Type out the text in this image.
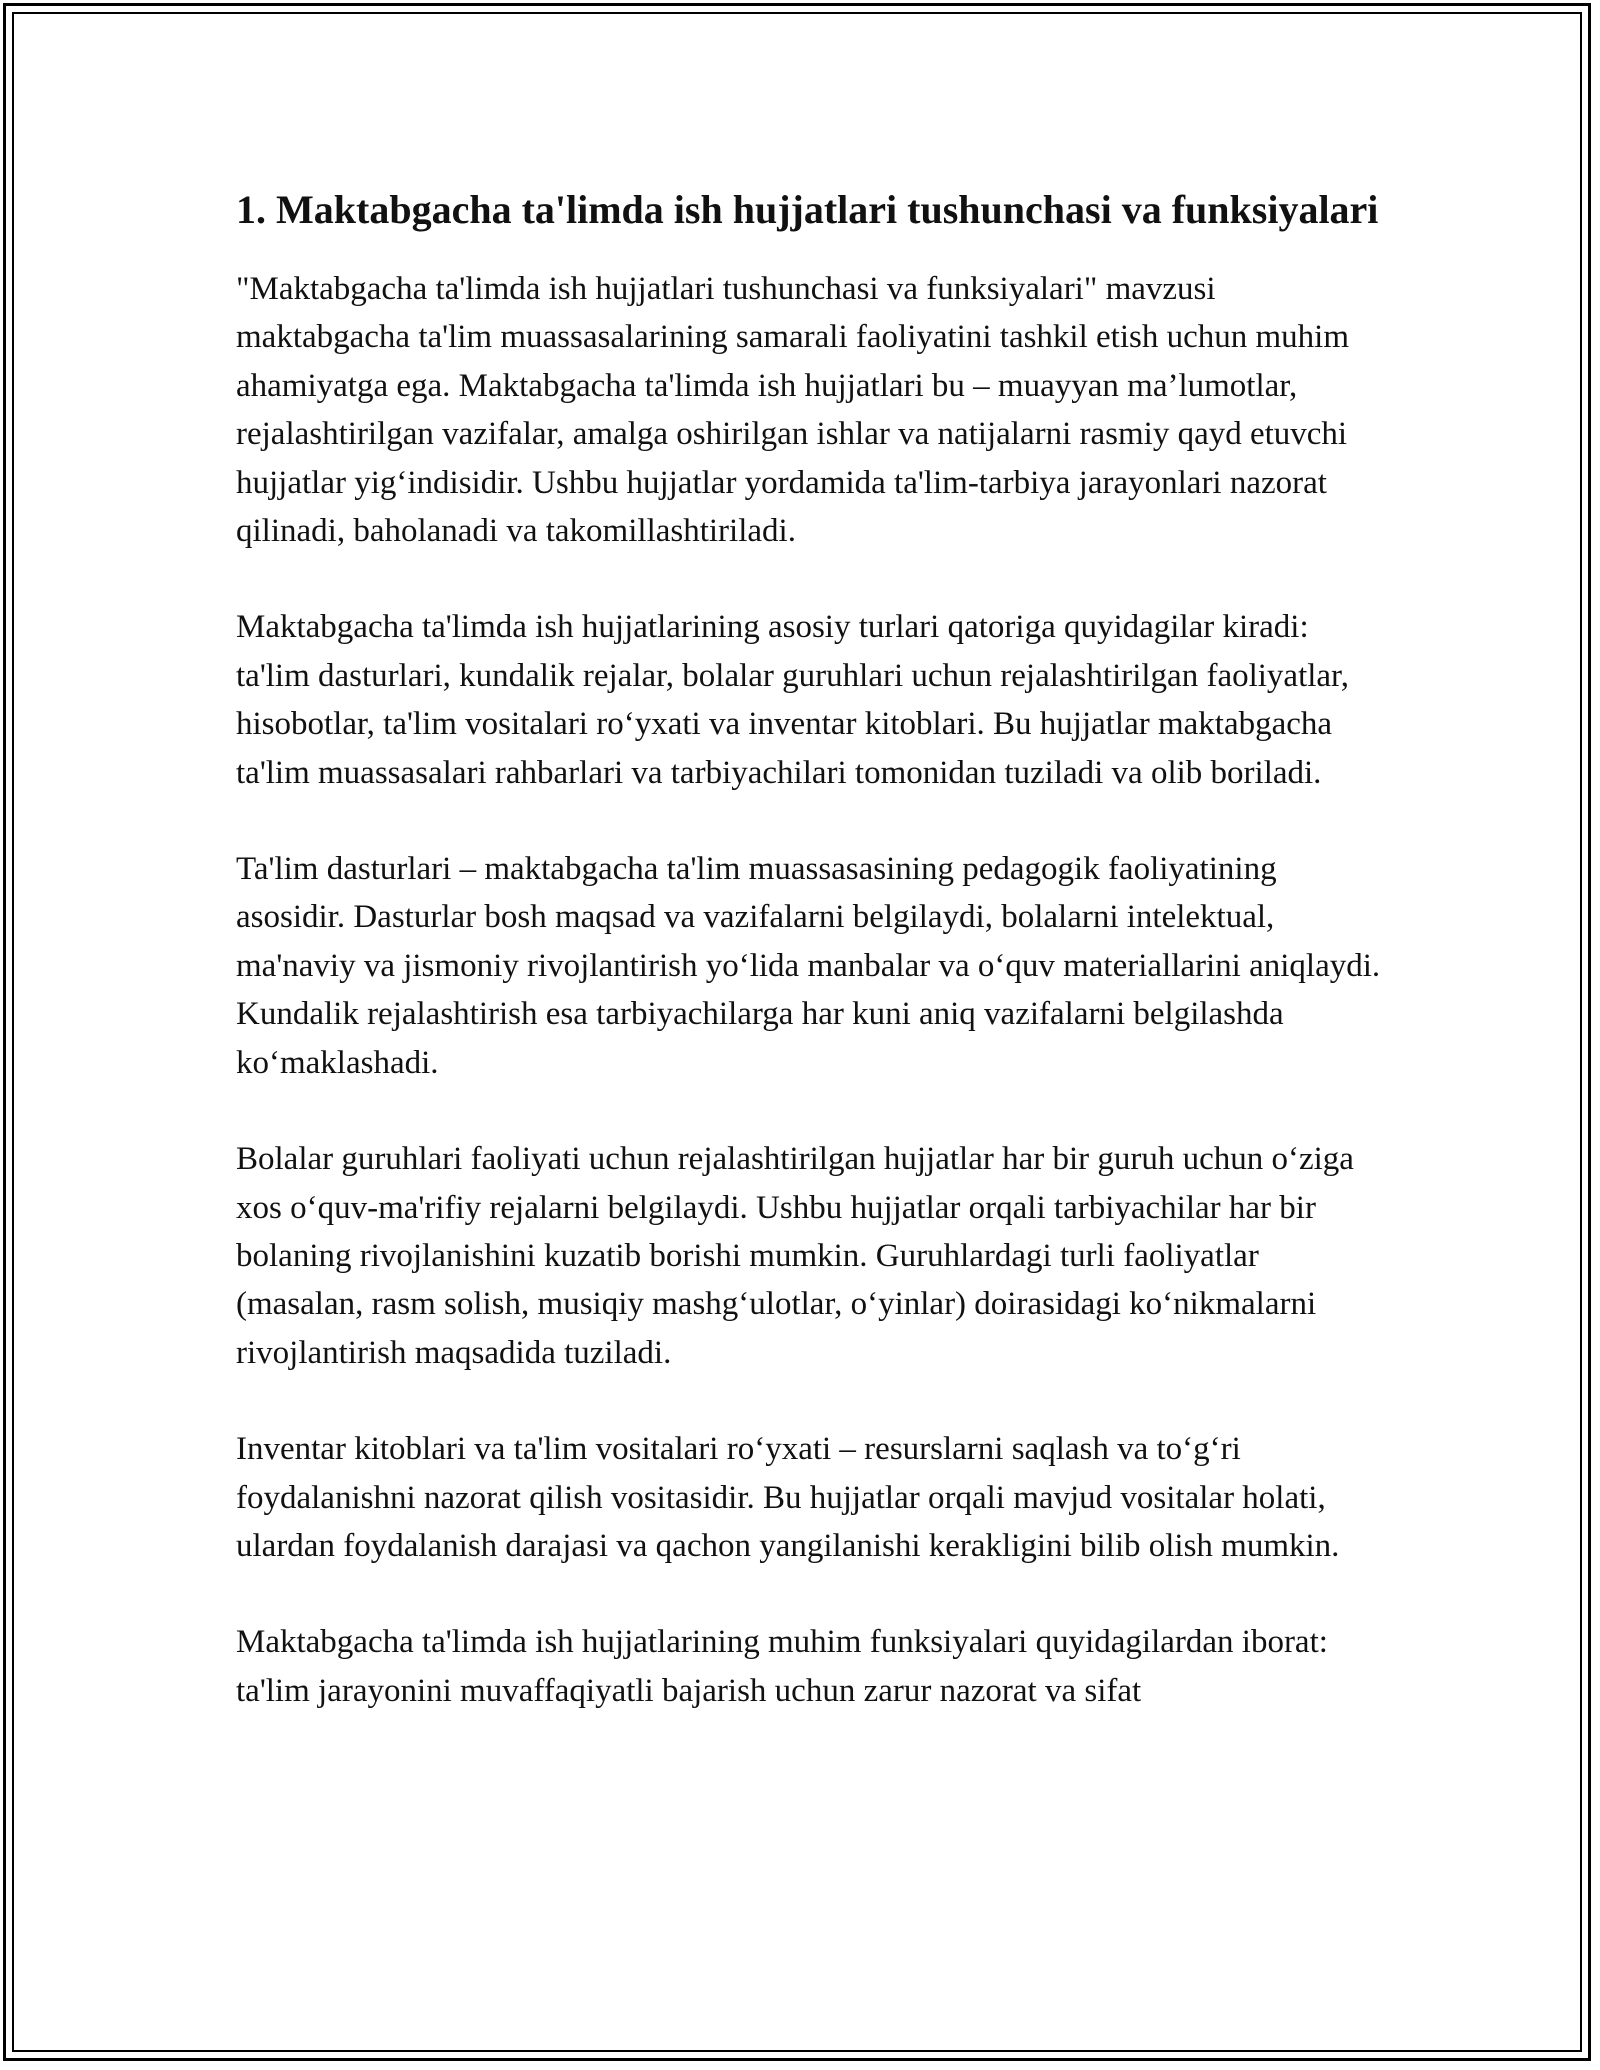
1. Maktabgacha ta'limda ish hujjatlari tushunchasi va funksiyalari

"Maktabgacha ta'limda ish hujjatlari tushunchasi va funksiyalari" mavzusi maktabgacha ta'lim muassasalarining samarali faoliyatini tashkil etish uchun muhim ahamiyatga ega. Maktabgacha ta'limda ish hujjatlari bu – muayyan ma’lumotlar, rejalashtirilgan vazifalar, amalga oshirilgan ishlar va natijalarni rasmiy qayd etuvchi hujjatlar yig‘indisidir. Ushbu hujjatlar yordamida ta'lim-tarbiya jarayonlari nazorat qilinadi, baholanadi va takomillashtiriladi.

Maktabgacha ta'limda ish hujjatlarining asosiy turlari qatoriga quyidagilar kiradi: ta'lim dasturlari, kundalik rejalar, bolalar guruhlari uchun rejalashtirilgan faoliyatlar, hisobotlar, ta'lim vositalari ro‘yxati va inventar kitoblari. Bu hujjatlar maktabgacha ta'lim muassasalari rahbarlari va tarbiyachilari tomonidan tuziladi va olib boriladi.

Ta'lim dasturlari – maktabgacha ta'lim muassasasining pedagogik faoliyatining asosidir. Dasturlar bosh maqsad va vazifalarni belgilaydi, bolalarni intelektual, ma'naviy va jismoniy rivojlantirish yo‘lida manbalar va o‘quv materiallarini aniqlaydi. Kundalik rejalashtirish esa tarbiyachilarga har kuni aniq vazifalarni belgilashda ko‘maklashadi.

Bolalar guruhlari faoliyati uchun rejalashtirilgan hujjatlar har bir guruh uchun o‘ziga xos o‘quv-ma'rifiy rejalarni belgilaydi. Ushbu hujjatlar orqali tarbiyachilar har bir bolaning rivojlanishini kuzatib borishi mumkin. Guruhlardagi turli faoliyatlar (masalan, rasm solish, musiqiy mashg‘ulotlar, o‘yinlar) doirasidagi ko‘nikmalarni rivojlantirish maqsadida tuziladi.

Inventar kitoblari va ta'lim vositalari ro‘yxati – resurslarni saqlash va to‘g‘ri foydalanishni nazorat qilish vositasidir. Bu hujjatlar orqali mavjud vositalar holati, ulardan foydalanish darajasi va qachon yangilanishi kerakligini bilib olish mumkin.

Maktabgacha ta'limda ish hujjatlarining muhim funksiyalari quyidagilardan iborat: ta'lim jarayonini muvaffaqiyatli bajarish uchun zarur nazorat va sifat
